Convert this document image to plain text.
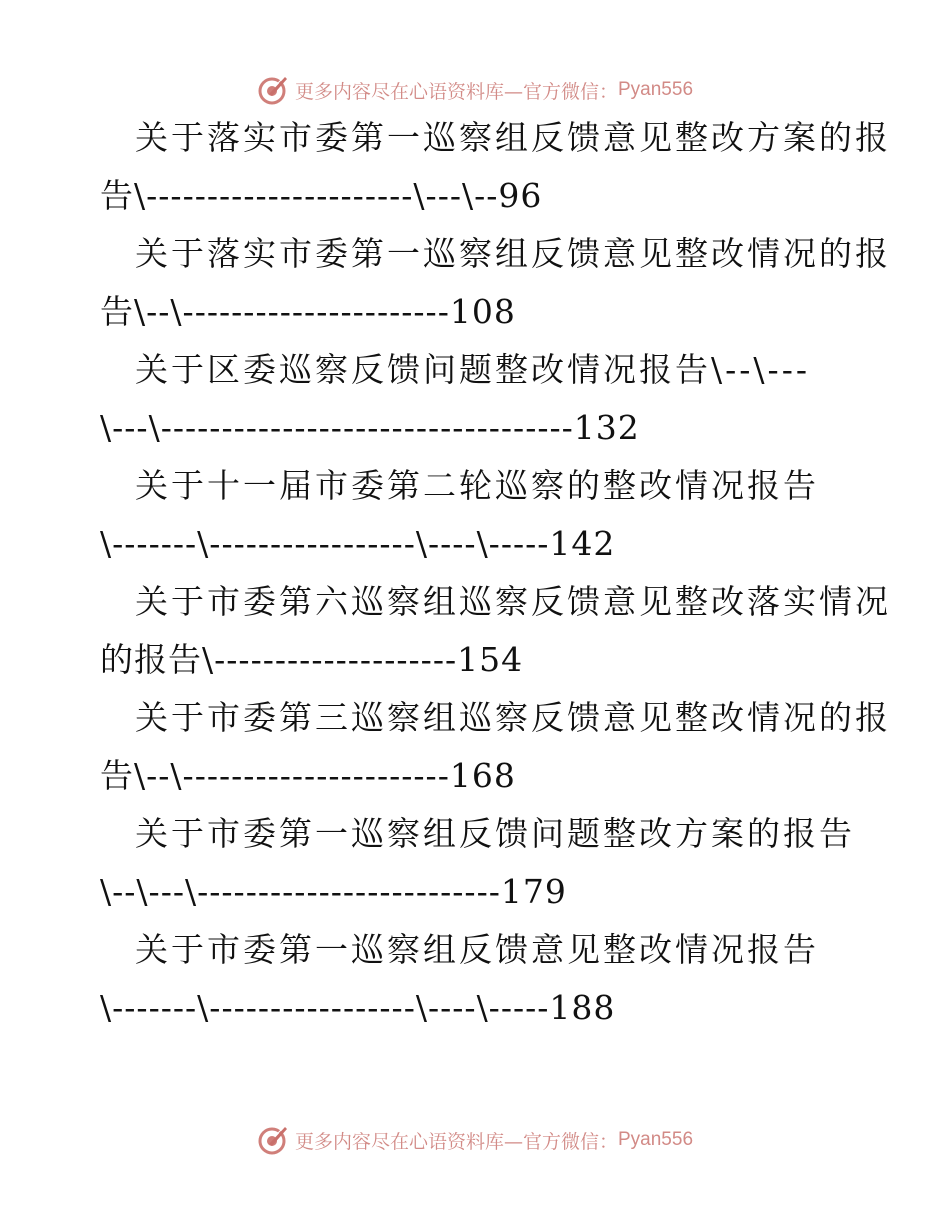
更多内容尽在心语资料库—官方微信： Pyan556
关于落实市委第一巡察组反馈意见整改方案的报
告\----------------------\---\--96
关于落实市委第一巡察组反馈意见整改情况的报
告\--\----------------------108
关于区委巡察反馈问题整改情况报告\--\---
\---\----------------------------------132
关于十一届市委第二轮巡察的整改情况报告
\-------\-----------------\----\-----142
关于市委第六巡察组巡察反馈意见整改落实情况
的报告\--------------------154
关于市委第三巡察组巡察反馈意见整改情况的报
告\--\----------------------168
关于市委第一巡察组反馈问题整改方案的报告
\--\---\-------------------------179
关于市委第一巡察组反馈意见整改情况报告
\-------\-----------------\----\-----188
更多内容尽在心语资料库—官方微信： Pyan556
